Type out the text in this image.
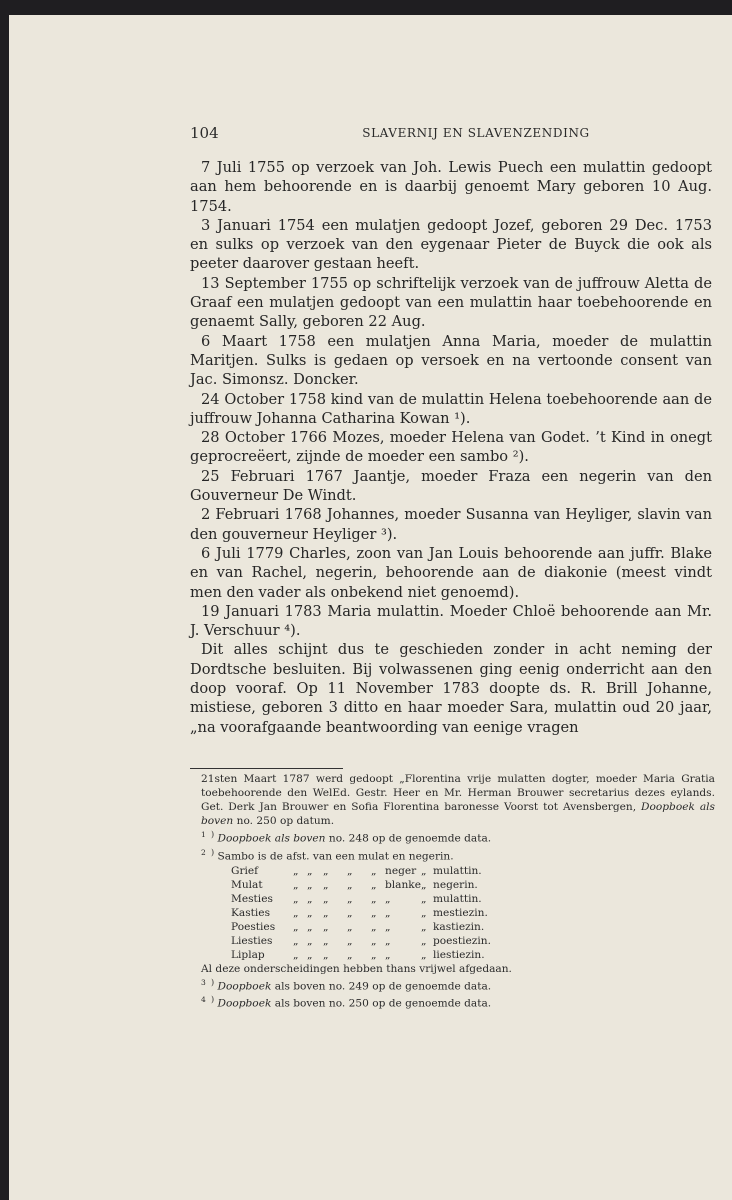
104	SLAVERNIJ EN SLAVENZENDING

7 Juli 1755 op verzoek van Joh. Lewis Puech een mulattin gedoopt aan hem behoorende en is daarbij genoemt Mary geboren 10 Aug. 1754.

3 Januari 1754 een mulatjen gedoopt Jozef, geboren 29 Dec. 1753 en sulks op verzoek van den eygenaar Pieter de Buyck die ook als peeter daarover gestaan heeft.

13 September 1755 op schriftelijk verzoek van de juffrouw Aletta de Graaf een mulatjen gedoopt van een mulattin haar toebehoorende en genaemt Sally, geboren 22 Aug.

6 Maart 1758 een mulatjen Anna Maria, moeder de mulattin Maritjen. Sulks is gedaen op versoek en na vertoonde consent van Jac. Simonsz. Doncker.

24 October 1758 kind van de mulattin Helena toebehoorende aan de juffrouw Johanna Catharina Kowan ¹).

28 October 1766 Mozes, moeder Helena van Godet. ’t Kind in onegt geprocreëert, zijnde de moeder een sambo ²).

25 Februari 1767 Jaantje, moeder Fraza een negerin van den Gouverneur De Windt.

2 Februari 1768 Johannes, moeder Susanna van Heyliger, slavin van den gouverneur Heyliger ³).

6 Juli 1779 Charles, zoon van Jan Louis behoorende aan juffr. Blake en van Rachel, negerin, behoorende aan de diakonie (meest vindt men den vader als onbekend niet genoemd).

19 Januari 1783 Maria mulattin. Moeder Chloë behoorende aan Mr. J. Verschuur ⁴).

Dit alles schijnt dus te geschieden zonder in acht neming der Dordtsche besluiten. Bij volwassenen ging eenig onderricht aan den doop vooraf. Op 11 November 1783 doopte ds. R. Brill Johanne, mistiese, geboren 3 ditto en haar moeder Sara, mulattin oud 20 jaar, „na voorafgaande beantwoording van eenige vragen

21sten Maart 1787 werd gedoopt „Florentina vrije mulatten dogter, moeder Maria Gratia toebehoorende den WelEd. Gestr. Heer en Mr. Herman Brouwer secretarius dezes eylands. Get. Derk Jan Brouwer en Sofia Florentina baronesse Voorst tot Avensbergen, Doopboek als boven no. 250 op datum.

1 ) Doopboek als boven no. 248 op de genoemde data.

2 ) Sambo is de afst. van een mulat en negerin.

Grief	„ „ „ „ „ neger „ mulattin.
Mulat	„ „ „ „ „ blanke „ negerin.
Mesties „ „ „ „ „ „	„ mulattin.
Kasties „ „ „ „ „ „	„ mestiezin.
Poesties „ „ „ „ „ „	„ kastiezin.
Liesties „ „ „ „ „ „	„ poestiezin.
Liplap	„ „ „ „ „ „	„ liestiezin.

Al deze onderscheidingen hebben thans vrijwel afgedaan.

3 ) Doopboek als boven no. 249 op de genoemde data.

4 ) Doopboek als boven no. 250 op de genoemde data.
